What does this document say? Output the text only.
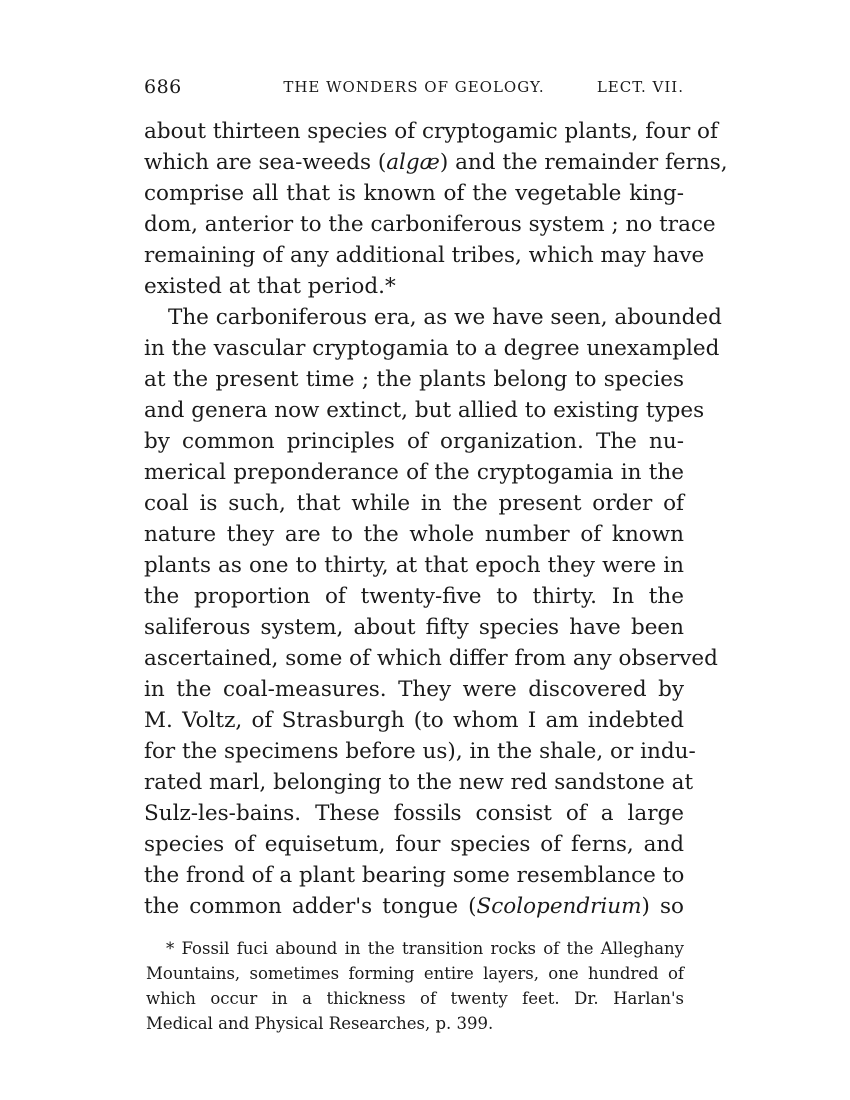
686	THE WONDERS OF GEOLOGY.	LECT. VII.
about thirteen species of cryptogamic plants, four of
which are sea-weeds (algæ) and the remainder ferns,
comprise all that is known of the vegetable king-
dom, anterior to the carboniferous system ; no trace
remaining of any additional tribes, which may have
existed at that period.*
The carboniferous era, as we have seen, abounded
in the vascular cryptogamia to a degree unexampled
at the present time ; the plants belong to species
and genera now extinct, but allied to existing types
by common principles of organization. The nu-
merical preponderance of the cryptogamia in the
coal is such, that while in the present order of
nature they are to the whole number of known
plants as one to thirty, at that epoch they were in
the proportion of twenty-five to thirty. In the
saliferous system, about fifty species have been
ascertained, some of which differ from any observed
in the coal-measures. They were discovered by
M. Voltz, of Strasburgh (to whom I am indebted
for the specimens before us), in the shale, or indu-
rated marl, belonging to the new red sandstone at
Sulz-les-bains. These fossils consist of a large
species of equisetum, four species of ferns, and
the frond of a plant bearing some resemblance to
the common adder's tongue (Scolopendrium) so
* Fossil fuci abound in the transition rocks of the Alleghany
Mountains, sometimes forming entire layers, one hundred of
which occur in a thickness of twenty feet. Dr. Harlan's
Medical and Physical Researches, p. 399.
